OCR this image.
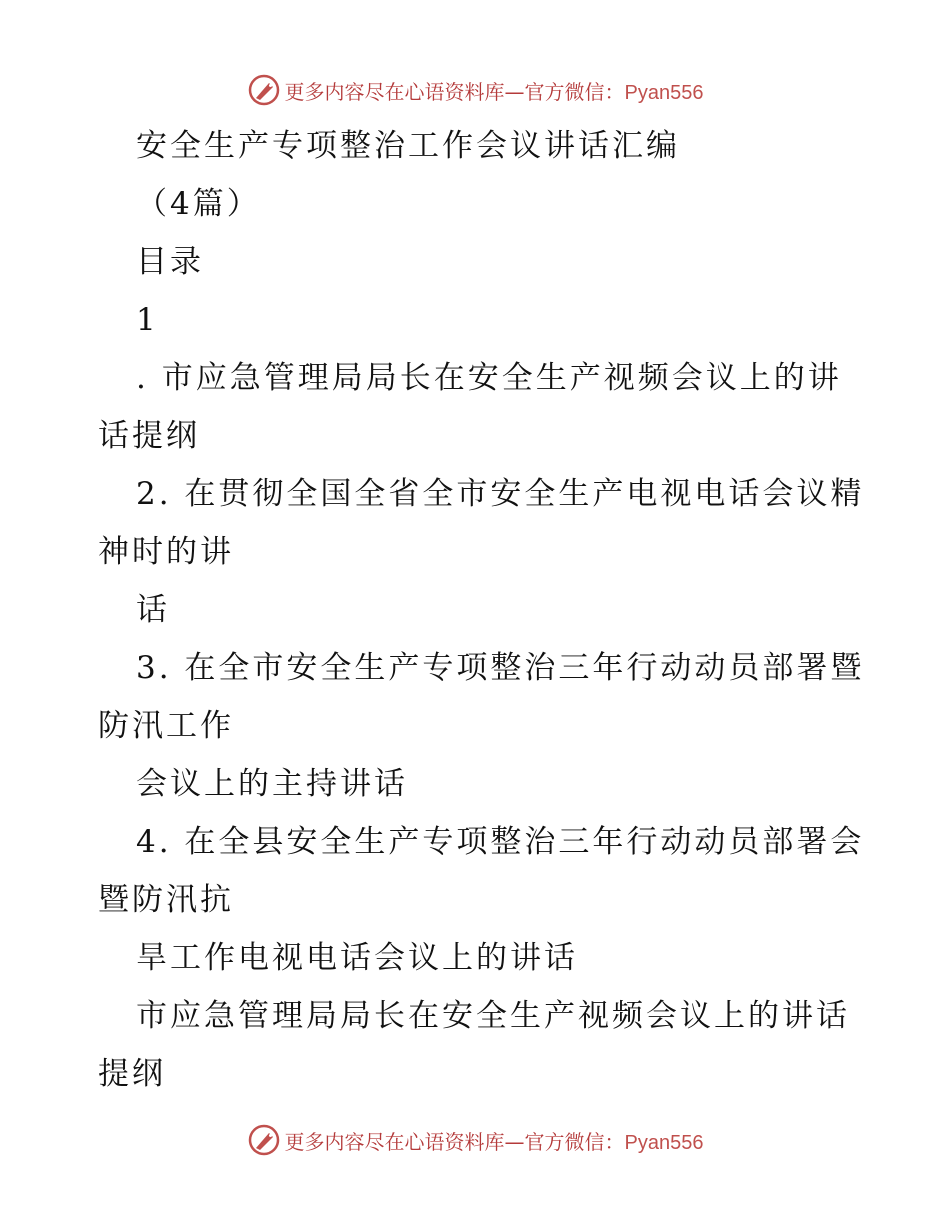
更多内容尽在心语资料库—官方微信：Pyan556
安全生产专项整治工作会议讲话汇编
（4篇）
目录
1
. 市应急管理局局长在安全生产视频会议上的讲
话提纲
2. 在贯彻全国全省全市安全生产电视电话会议精
神时的讲
话
3. 在全市安全生产专项整治三年行动动员部署暨
防汛工作
会议上的主持讲话
4. 在全县安全生产专项整治三年行动动员部署会
暨防汛抗
旱工作电视电话会议上的讲话
市应急管理局局长在安全生产视频会议上的讲话
提纲
更多内容尽在心语资料库—官方微信：Pyan556
